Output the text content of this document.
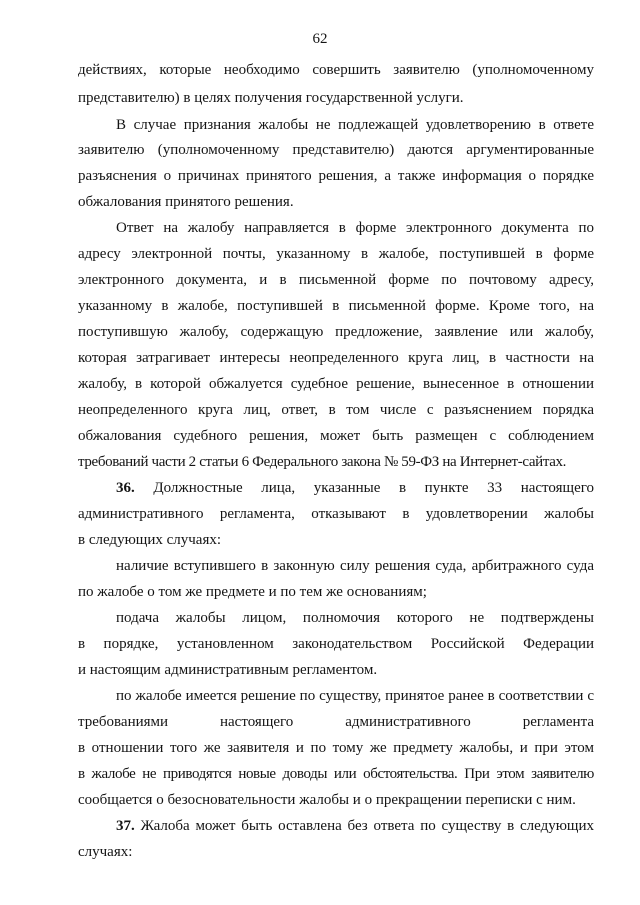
62
действиях, которые необходимо совершить заявителю (уполномоченному
представителю) в целях получения государственной услуги.
В случае признания жалобы не подлежащей удовлетворению в ответе
заявителю (уполномоченному представителю) даются аргументированные
разъяснения о причинах принятого решения, а также информация о порядке
обжалования принятого решения.
Ответ на жалобу направляется в форме электронного документа по
адресу электронной почты, указанному в жалобе, поступившей в форме
электронного документа, и в письменной форме по почтовому адресу,
указанному в жалобе, поступившей в письменной форме. Кроме того, на
поступившую жалобу, содержащую предложение, заявление или жалобу,
которая затрагивает интересы неопределенного круга лиц, в частности на
жалобу, в которой обжалуется судебное решение, вынесенное в отношении
неопределенного круга лиц, ответ, в том числе с разъяснением порядка
обжалования судебного решения, может быть размещен с соблюдением
требований части 2 статьи 6 Федерального закона № 59-ФЗ на Интернет-сайтах.
36. Должностные лица, указанные в пункте 33 настоящего
административного регламента, отказывают в удовлетворении жалобы
в следующих случаях:
наличие вступившего в законную силу решения суда, арбитражного суда
по жалобе о том же предмете и по тем же основаниям;
подача жалобы лицом, полномочия которого не подтверждены
в порядке, установленном законодательством Российской Федерации
и настоящим административным регламентом.
по жалобе имеется решение по существу, принятое ранее в соответствии с
требованиями настоящего административного регламента
в отношении того же заявителя и по тому же предмету жалобы, и при этом
в жалобе не приводятся новые доводы или обстоятельства. При этом заявителю
сообщается о безосновательности жалобы и о прекращении переписки с ним.
37. Жалоба может быть оставлена без ответа по существу в следующих
случаях:
